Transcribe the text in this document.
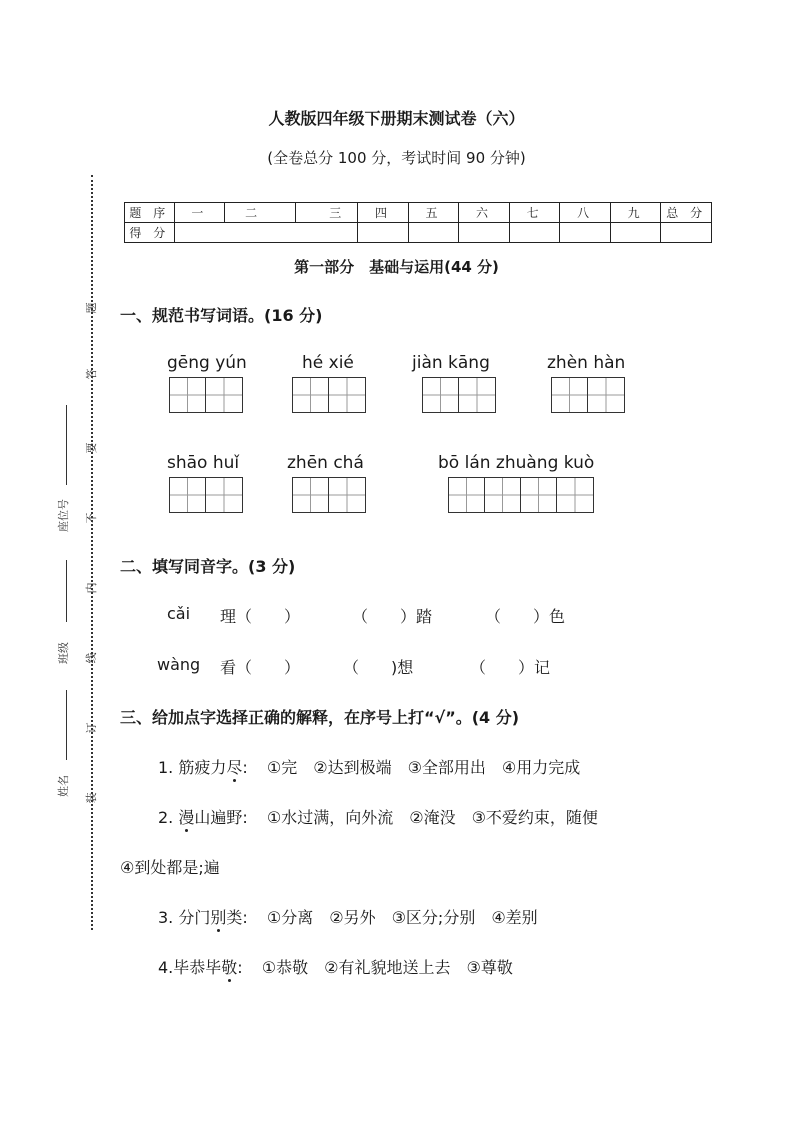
题
答
要
不
内
线
订
装
座位号
班级
姓名
人教版四年级下册期末测试卷（六）
(全卷总分 100 分，考试时间 90 分钟)
题 序	一	二	三	四	五	六	七	八	九	总 分
得 分										
第一部分　基础与运用(44 分)
一、规范书写词语。(16 分)
gēng yún	hé xié	jiàn kāng	zhèn hàn
shāo huǐ	zhēn chá	bō lán zhuàng kuò
二、填写同音字。(3 分)
cǎi 理（　　）	（　　）踏	（　　）色
wàng 看（　　）	（　　)想	（　　）记
三、给加点字选择正确的解释，在序号上打“√”。(4 分)
1. 筋疲力尽: ①完　②达到极端　③全部用出　④用力完成
2. 漫山遍野: ①水过满，向外流　②淹没　③不爱约束，随便
④到处都是;遍
3. 分门别类: ①分离　②另外　③区分;分别　④差别
4.毕恭毕敬: ①恭敬　②有礼貌地送上去　③尊敬
